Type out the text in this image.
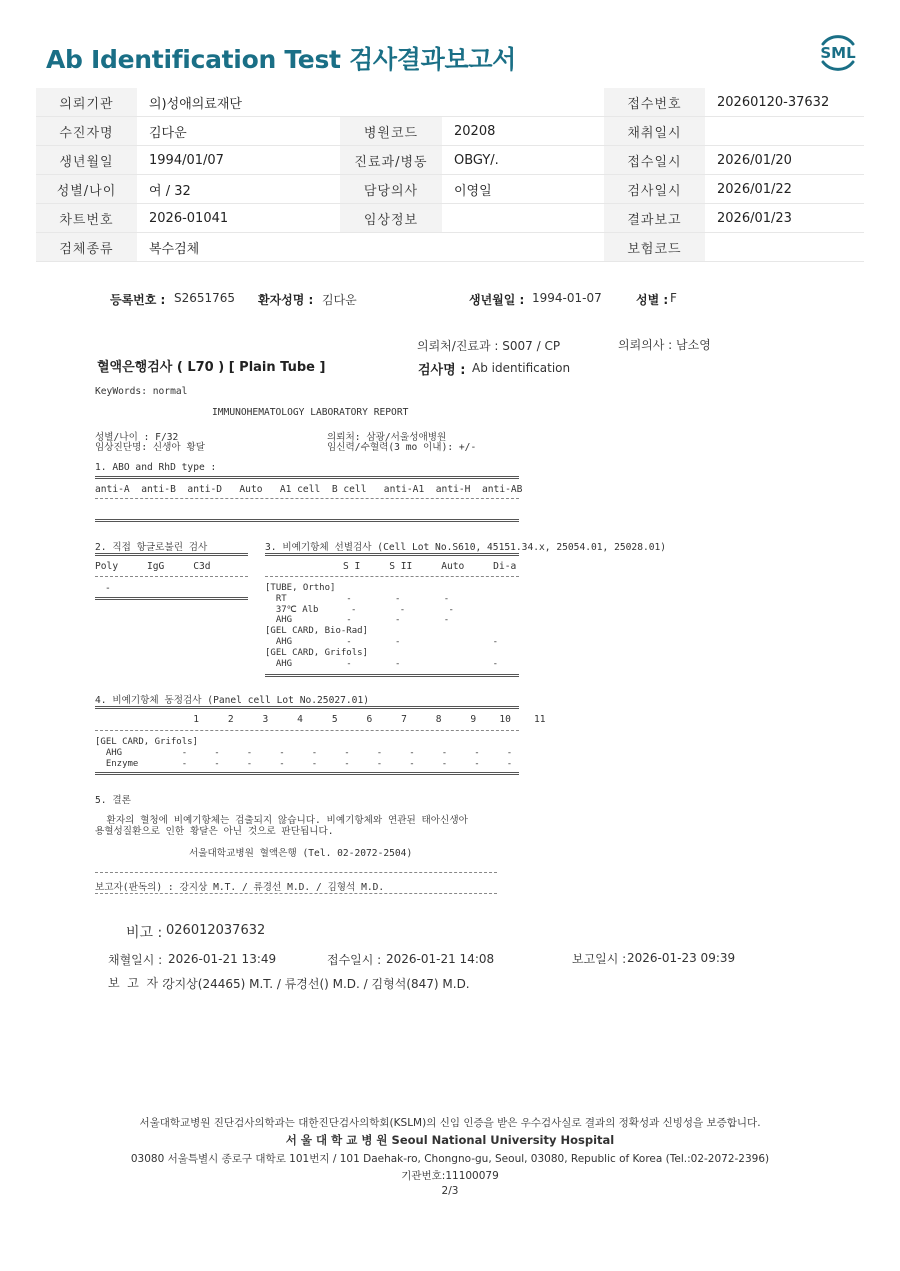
Ab Identification Test 검사결과보고서	SML
의뢰기관	의)성애의료재단			접수번호	20260120-37632
수진자명	김다운	병원코드	20208	채취일시	
생년월일	1994/01/07	진료과/병동	OBGY/.	접수일시	2026/01/20
성별/나이	여 / 32	담당의사	이영일	검사일시	2026/01/22
차트번호	2026-01041	임상정보		결과보고	2026/01/23
검체종류	복수검체			보험코드	
등록번호 : S2651765 환자성명 : 김다운	생년월일 : 1994-01-07	성별 : F
의뢰처/진료과 : S007 / CP	의뢰의사 : 남소영
혈액은행검사 ( L70 ) [ Plain Tube ]	검사명 : Ab identification
KeyWords: normal
IMMUNOHEMATOLOGY LABORATORY REPORT
성별/나이 : F/32
임상진단명: 신생아 황달
의뢰처: 삼광/서울성애병원
임신력/수혈력(3 mo 이내): +/-
1. ABO and RhD type :
anti-A  anti-B  anti-D   Auto   A1 cell  B cell   anti-A1  anti-H  anti-AB
2. 직접 항글로불린 검사
Poly     IgG     C3d
-
3. 비예기항체 선별검사 (Cell Lot No.S610, 45151.34.x, 25054.01, 25028.01)
S I     S II     Auto     Di-a
[TUBE, Ortho]
RT           -        -        -
37℃ Alb      -        -        -
AHG          -        -        -
[GEL CARD, Bio-Rad]
AHG          -        -                 -
[GEL CARD, Grifols]
AHG          -        -                 -
4. 비예기항체 동정검사 (Panel cell Lot No.25027.01)
1     2     3     4     5     6     7     8     9    10    11
[GEL CARD, Grifols]
AHG           -     -     -     -     -     -     -     -     -     -     -
Enzyme        -     -     -     -     -     -     -     -     -     -     -
5. 결론
환자의 혈청에 비예기항체는 검출되지 않습니다. 비예기항체와 연관된 태아신생아
용혈성질환으로 인한 황달은 아닌 것으로 판단됩니다.
서울대학교병원 혈액은행 (Tel. 02-2072-2504)
보고자(판독의) : 강지상 M.T. / 류경선 M.D. / 김형석 M.D.
비고 : 026012037632
채혈일시 : 2026-01-21 13:49	접수일시 : 2026-01-21 14:08	보고일시 : 2026-01-23 09:39
보  고  자 :
강지상(24465) M.T. / 류경선() M.D. / 김형석(847) M.D.
서울대학교병원 진단검사의학과는 대한진단검사의학회(KSLM)의 신임 인증을 받은 우수검사실로 결과의 정확성과 신빙성을 보증합니다.
서 울 대 학 교 병 원 Seoul National University Hospital
03080 서울특별시 종로구 대학로 101번지 / 101 Daehak-ro, Chongno-gu, Seoul, 03080, Republic of Korea (Tel.:02-2072-2396)
기관번호:11100079
2/3
